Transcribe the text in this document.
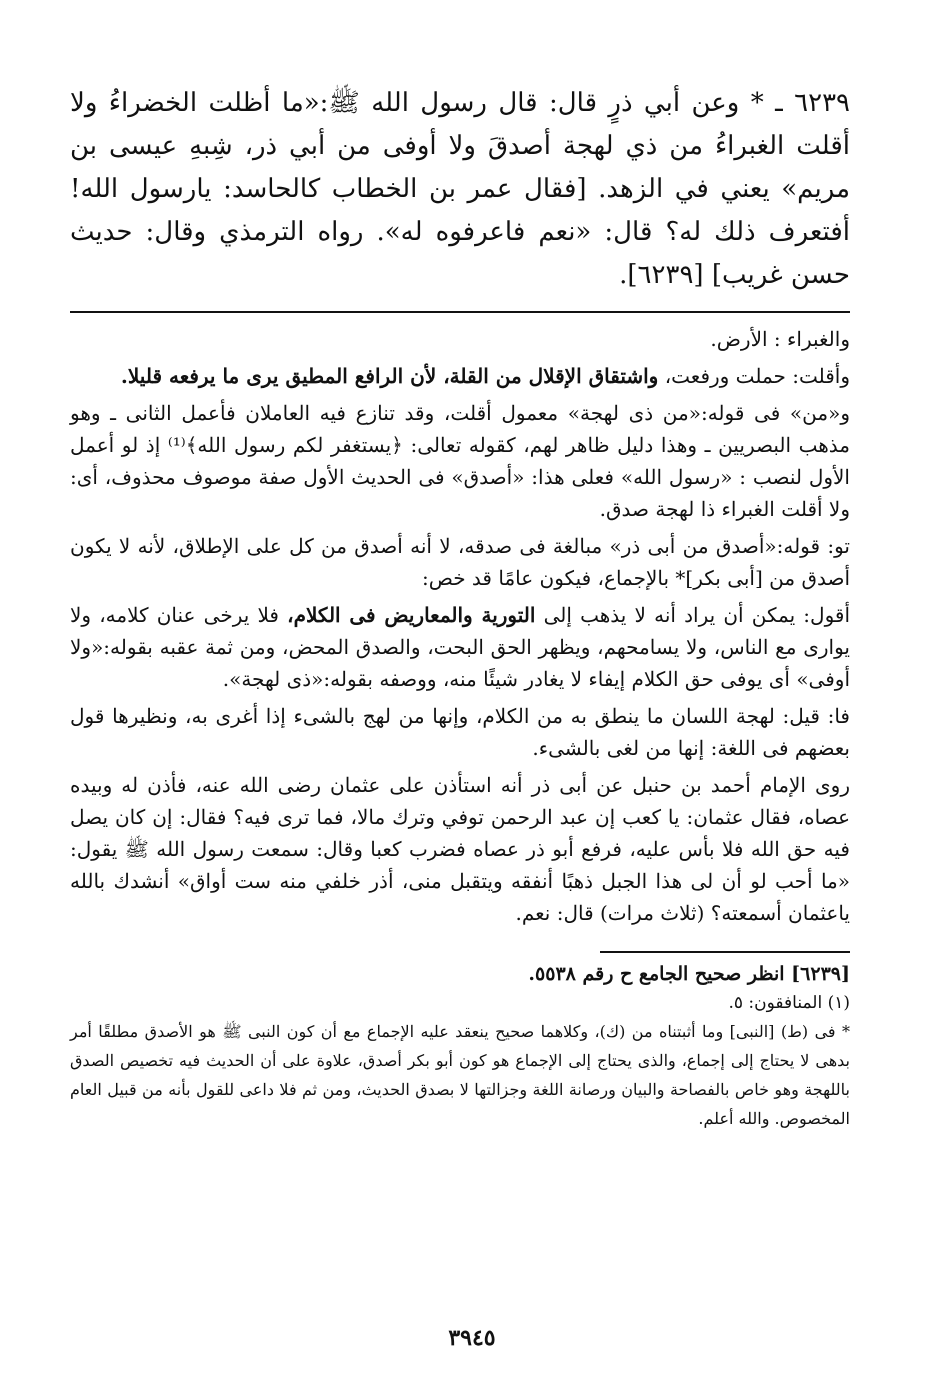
٦٢٣٩ ـ * وعن أبي ذرٍ قال: قال رسول الله ﷺ:«ما أظلت الخضراءُ ولا أقلت الغبراءُ من ذي لهجة أصدقَ ولا أوفى من أبي ذر، شِبهِ عيسى بن مريم» يعني في الزهد. [فقال عمر بن الخطاب كالحاسد: يارسول الله! أفتعرف ذلك له؟ قال: «نعم فاعرفوه له». رواه الترمذي وقال: حديث حسن غريب] [٦٢٣٩].

والغبراء : الأرض.

وأقلت: حملت ورفعت، واشتقاق الإقلال من القلة، لأن الرافع المطيق يرى ما يرفعه قليلا.

و«من» فى قوله:«من ذى لهجة» معمول أقلت، وقد تنازع فيه العاملان فأعمل الثانى ـ وهو مذهب البصريين ـ وهذا دليل ظاهر لهم، كقوله تعالى: ﴿يستغفر لكم رسول الله﴾⁽¹⁾ إذ لو أعمل الأول لنصب : «رسول الله» فعلى هذا: «أصدق» فى الحديث الأول صفة موصوف محذوف، أى: ولا أقلت الغبراء ذا لهجة صدق.

تو: قوله:«أصدق من أبى ذر» مبالغة فى صدقه، لا أنه أصدق من كل على الإطلاق، لأنه لا يكون أصدق من [أبى بكر]* بالإجماع، فيكون عامًا قد خص:

أقول: يمكن أن يراد أنه لا يذهب إلى التورية والمعاريض فى الكلام، فلا يرخى عنان كلامه، ولا يوارى مع الناس، ولا يسامحهم، ويظهر الحق البحت، والصدق المحض، ومن ثمة عقبه بقوله:«ولا أوفى» أى يوفى حق الكلام إيفاء لا يغادر شيئًا منه، ووصفه بقوله:«ذى لهجة».

فا: قيل: لهجة اللسان ما ينطق به من الكلام، وإنها من لهج بالشىء إذا أغرى به، ونظيرها قول بعضهم فى اللغة: إنها من لغى بالشىء.

روى الإمام أحمد بن حنبل عن أبى ذر أنه استأذن على عثمان رضى الله عنه، فأذن له وبيده عصاه، فقال عثمان: يا كعب إن عبد الرحمن توفي وترك مالا، فما ترى فيه؟ فقال: إن كان يصل فيه حق الله فلا بأس عليه، فرفع أبو ذر عصاه فضرب كعبا وقال: سمعت رسول الله ﷺ يقول: «ما أحب لو أن لى هذا الجبل ذهبًا أنفقه ويتقبل منى، أذر خلفي منه ست أواق» أنشدك بالله ياعثمان أسمعته؟ (ثلاث مرات) قال: نعم.

[٦٢٣٩] انظر صحيح الجامع ح رقم ٥٥٣٨.

(١) المنافقون: ٥.

* فى (ط) [النبى] وما أثبتناه من (ك)، وكلاهما صحيح ينعقد عليه الإجماع مع أن كون النبى ﷺ هو الأصدق مطلقًا أمر بدهى لا يحتاج إلى إجماع، والذى يحتاج إلى الإجماع هو كون أبو بكر أصدق، علاوة على أن الحديث فيه تخصيص الصدق باللهجة وهو خاص بالفصاحة والبيان ورصانة اللغة وجزالتها لا بصدق الحديث، ومن ثم فلا داعى للقول بأنه من قبيل العام المخصوص. والله أعلم.

٣٩٤٥
